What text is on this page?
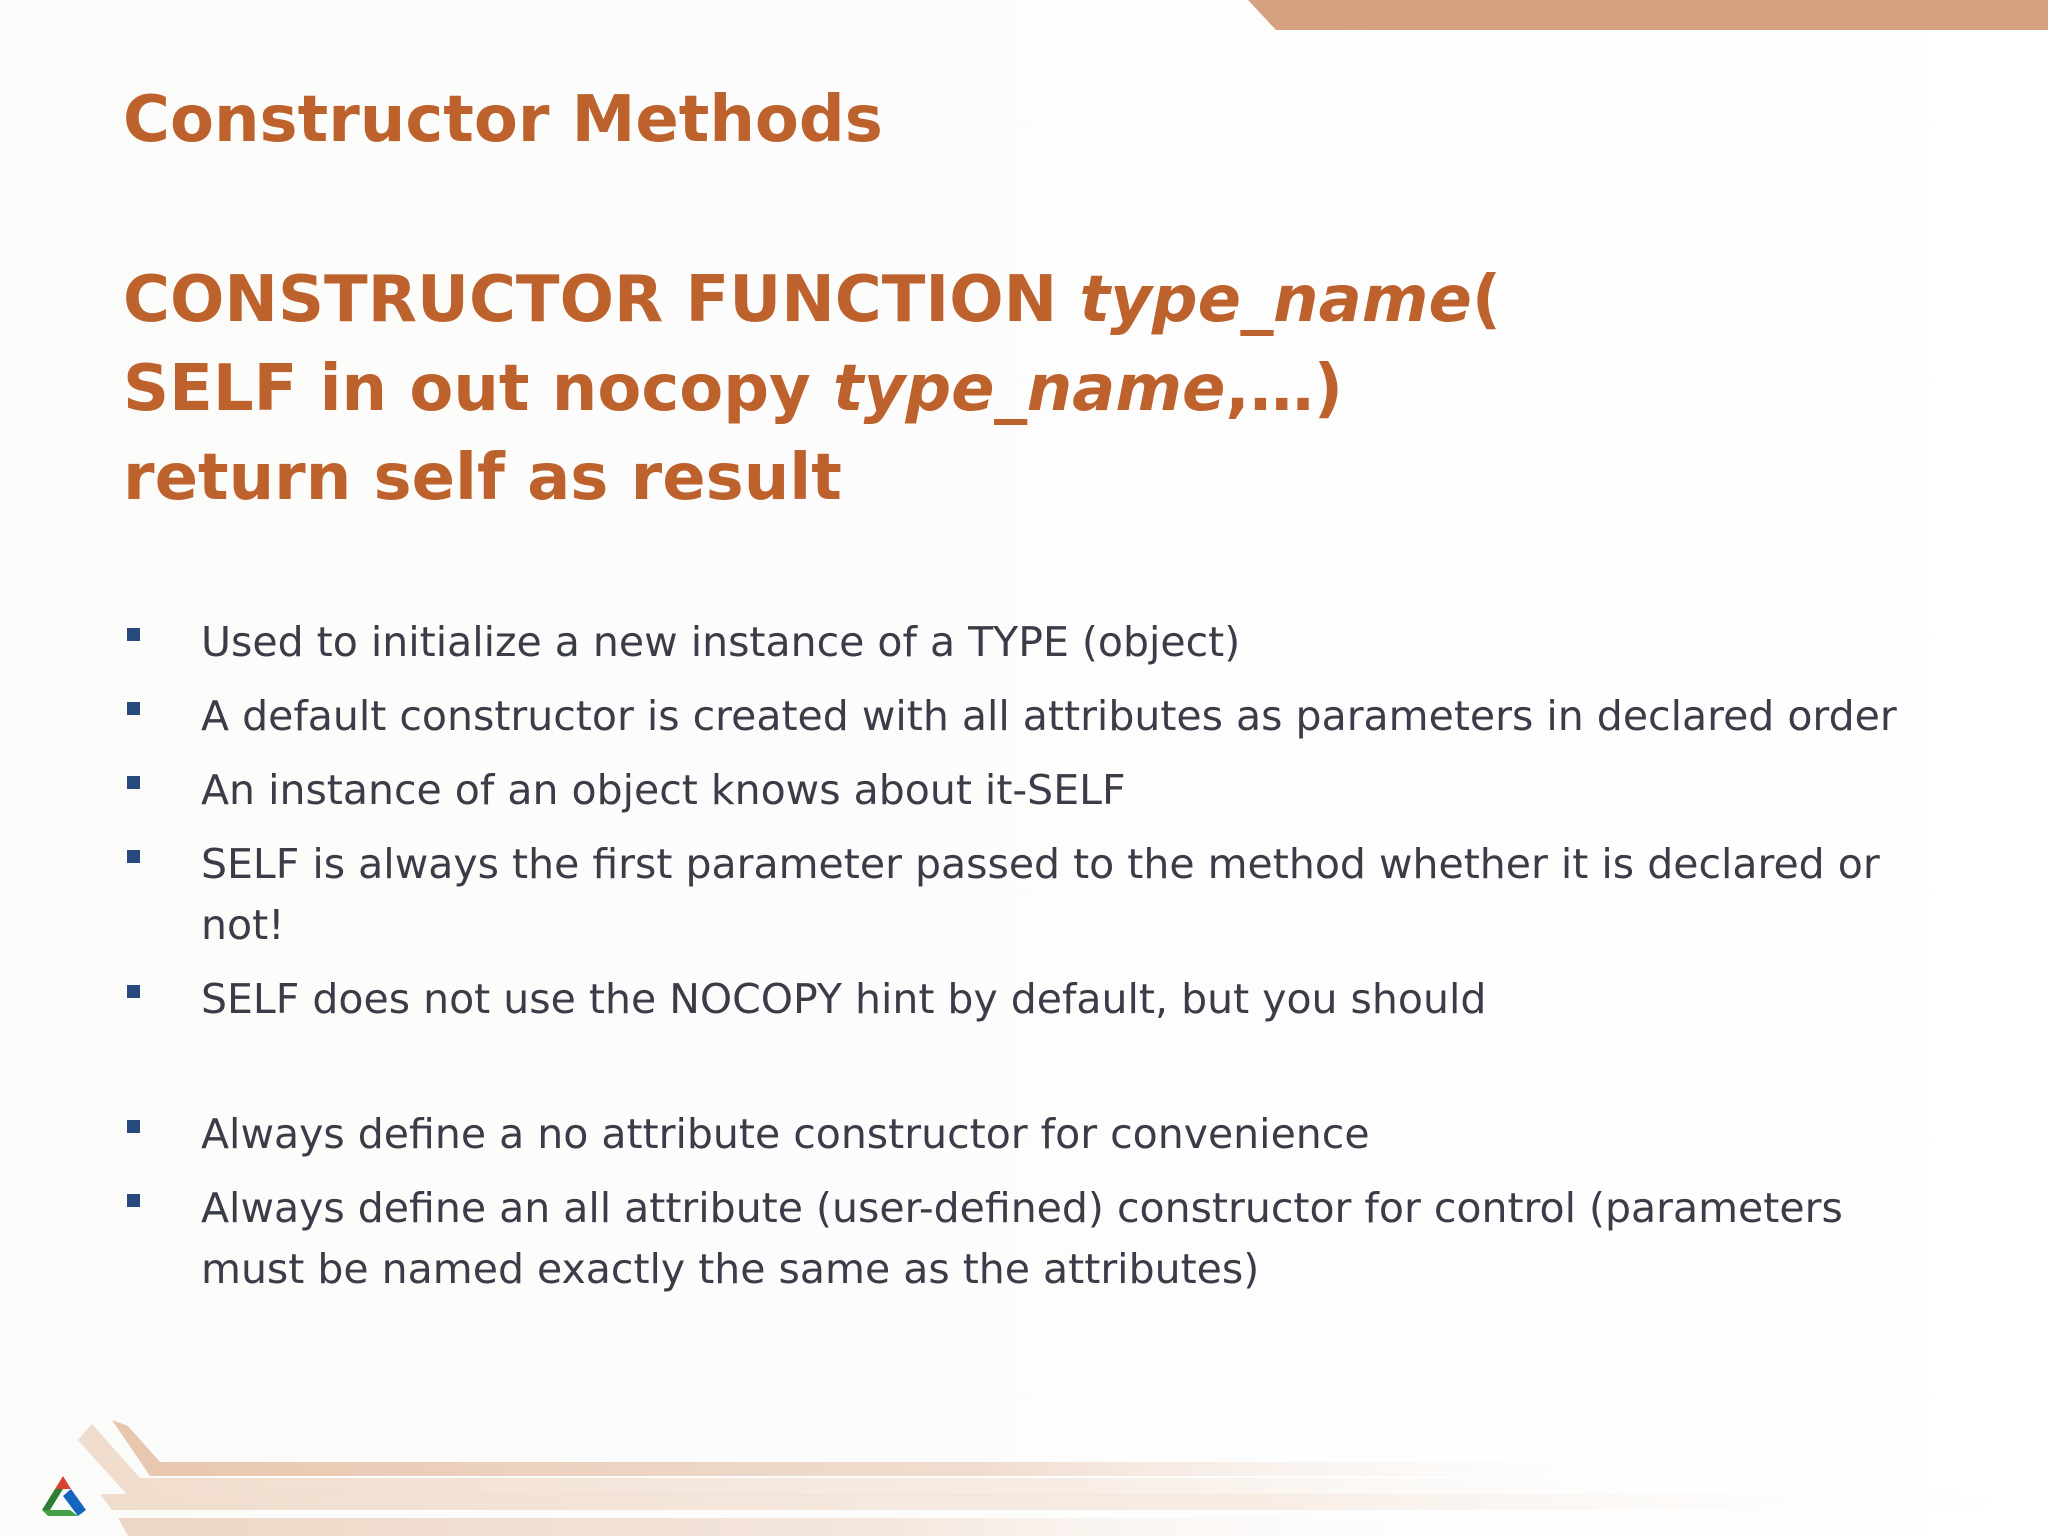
Constructor Methods
CONSTRUCTOR FUNCTION type_name(
SELF in out nocopy type_name,…)
return self as result
Used to initialize a new instance of a TYPE (object)
A default constructor is created with all attributes as parameters in declared order
An instance of an object knows about it-SELF
SELF is always the first parameter passed to the method whether it is declared or
not!
SELF does not use the NOCOPY hint by default, but you should
Always define a no attribute constructor for convenience
Always define an all attribute (user-defined) constructor for control (parameters
must be named exactly the same as the attributes)
